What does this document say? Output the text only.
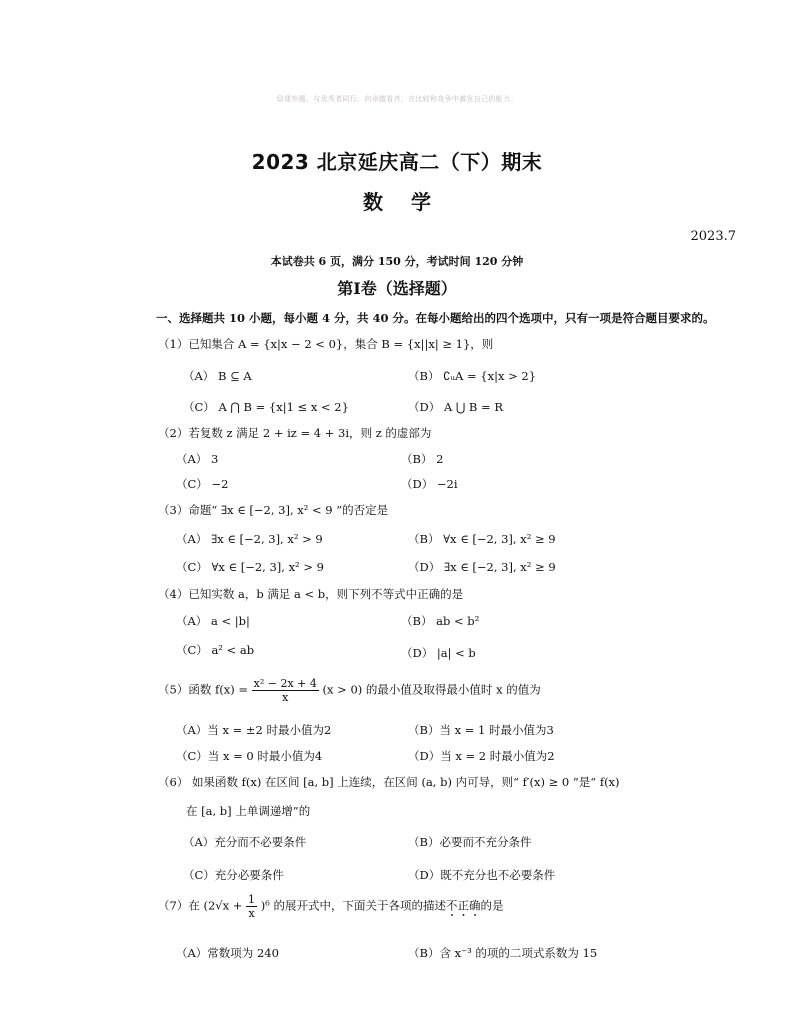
☺课外题，与优秀者同行，向卓越看齐，在比较和竞争中激发自己的能力。
2023 北京延庆高二（下）期末
数学
2023.7
本试卷共 6 页，满分 150 分，考试时间 120 分钟
第Ⅰ卷（选择题）
一、选择题共 10 小题，每小题 4 分，共 40 分。在每小题给出的四个选项中，只有一项是符合题目要求的。
（1）已知集合 A = {x|x − 2 < 0}，集合 B = {x||x| ≥ 1}，则
（A） B ⊆ A	（B） ∁ᵤA = {x|x > 2}
（C） A ⋂ B = {x|1 ≤ x < 2}	（D） A ⋃ B = R
（2）若复数 z 满足 2 + iz = 4 + 3i，则 z 的虚部为
（A） 3	（B） 2
（C） −2	（D） −2i
（3）命题“ ∃x ∈ [−2, 3], x² < 9 ”的否定是
（A） ∃x ∈ [−2, 3], x² > 9	（B） ∀x ∈ [−2, 3], x² ≥ 9
（C） ∀x ∈ [−2, 3], x² > 9	（D） ∃x ∈ [−2, 3], x² ≥ 9
（4）已知实数 a，b 满足 a < b，则下列不等式中正确的是
（A） a < |b|	（B） ab < b²
（C） a² < ab	（D） |a| < b
（5）函数 $f(x) = \frac{\text{x² − 2x + 4}}{x} (x > 0)$ 的最小值及取得最小值时 x 的值为
（A）当 x = ±2 时最小值为2	（B）当 x = 1 时最小值为3
（C）当 x = 0 时最小值为4	（D）当 x = 2 时最小值为2
（6） 如果函数 f(x) 在区间 [a, b] 上连续，在区间 (a, b) 内可导，则“ f′(x) ≥ 0 ”是“ f(x)
在 [a, b] 上单调递增”的
（A）充分而不必要条件	（B）必要而不充分条件
（C）充分必要条件	（D）既不充分也不必要条件
（7）在 $(2√x + \frac{1}{x} )^6$ 的展开式中，下面关于各项的描述不正确的是
（A）常数项为 240	（B）含 x⁻³ 的项的二项式系数为 15
